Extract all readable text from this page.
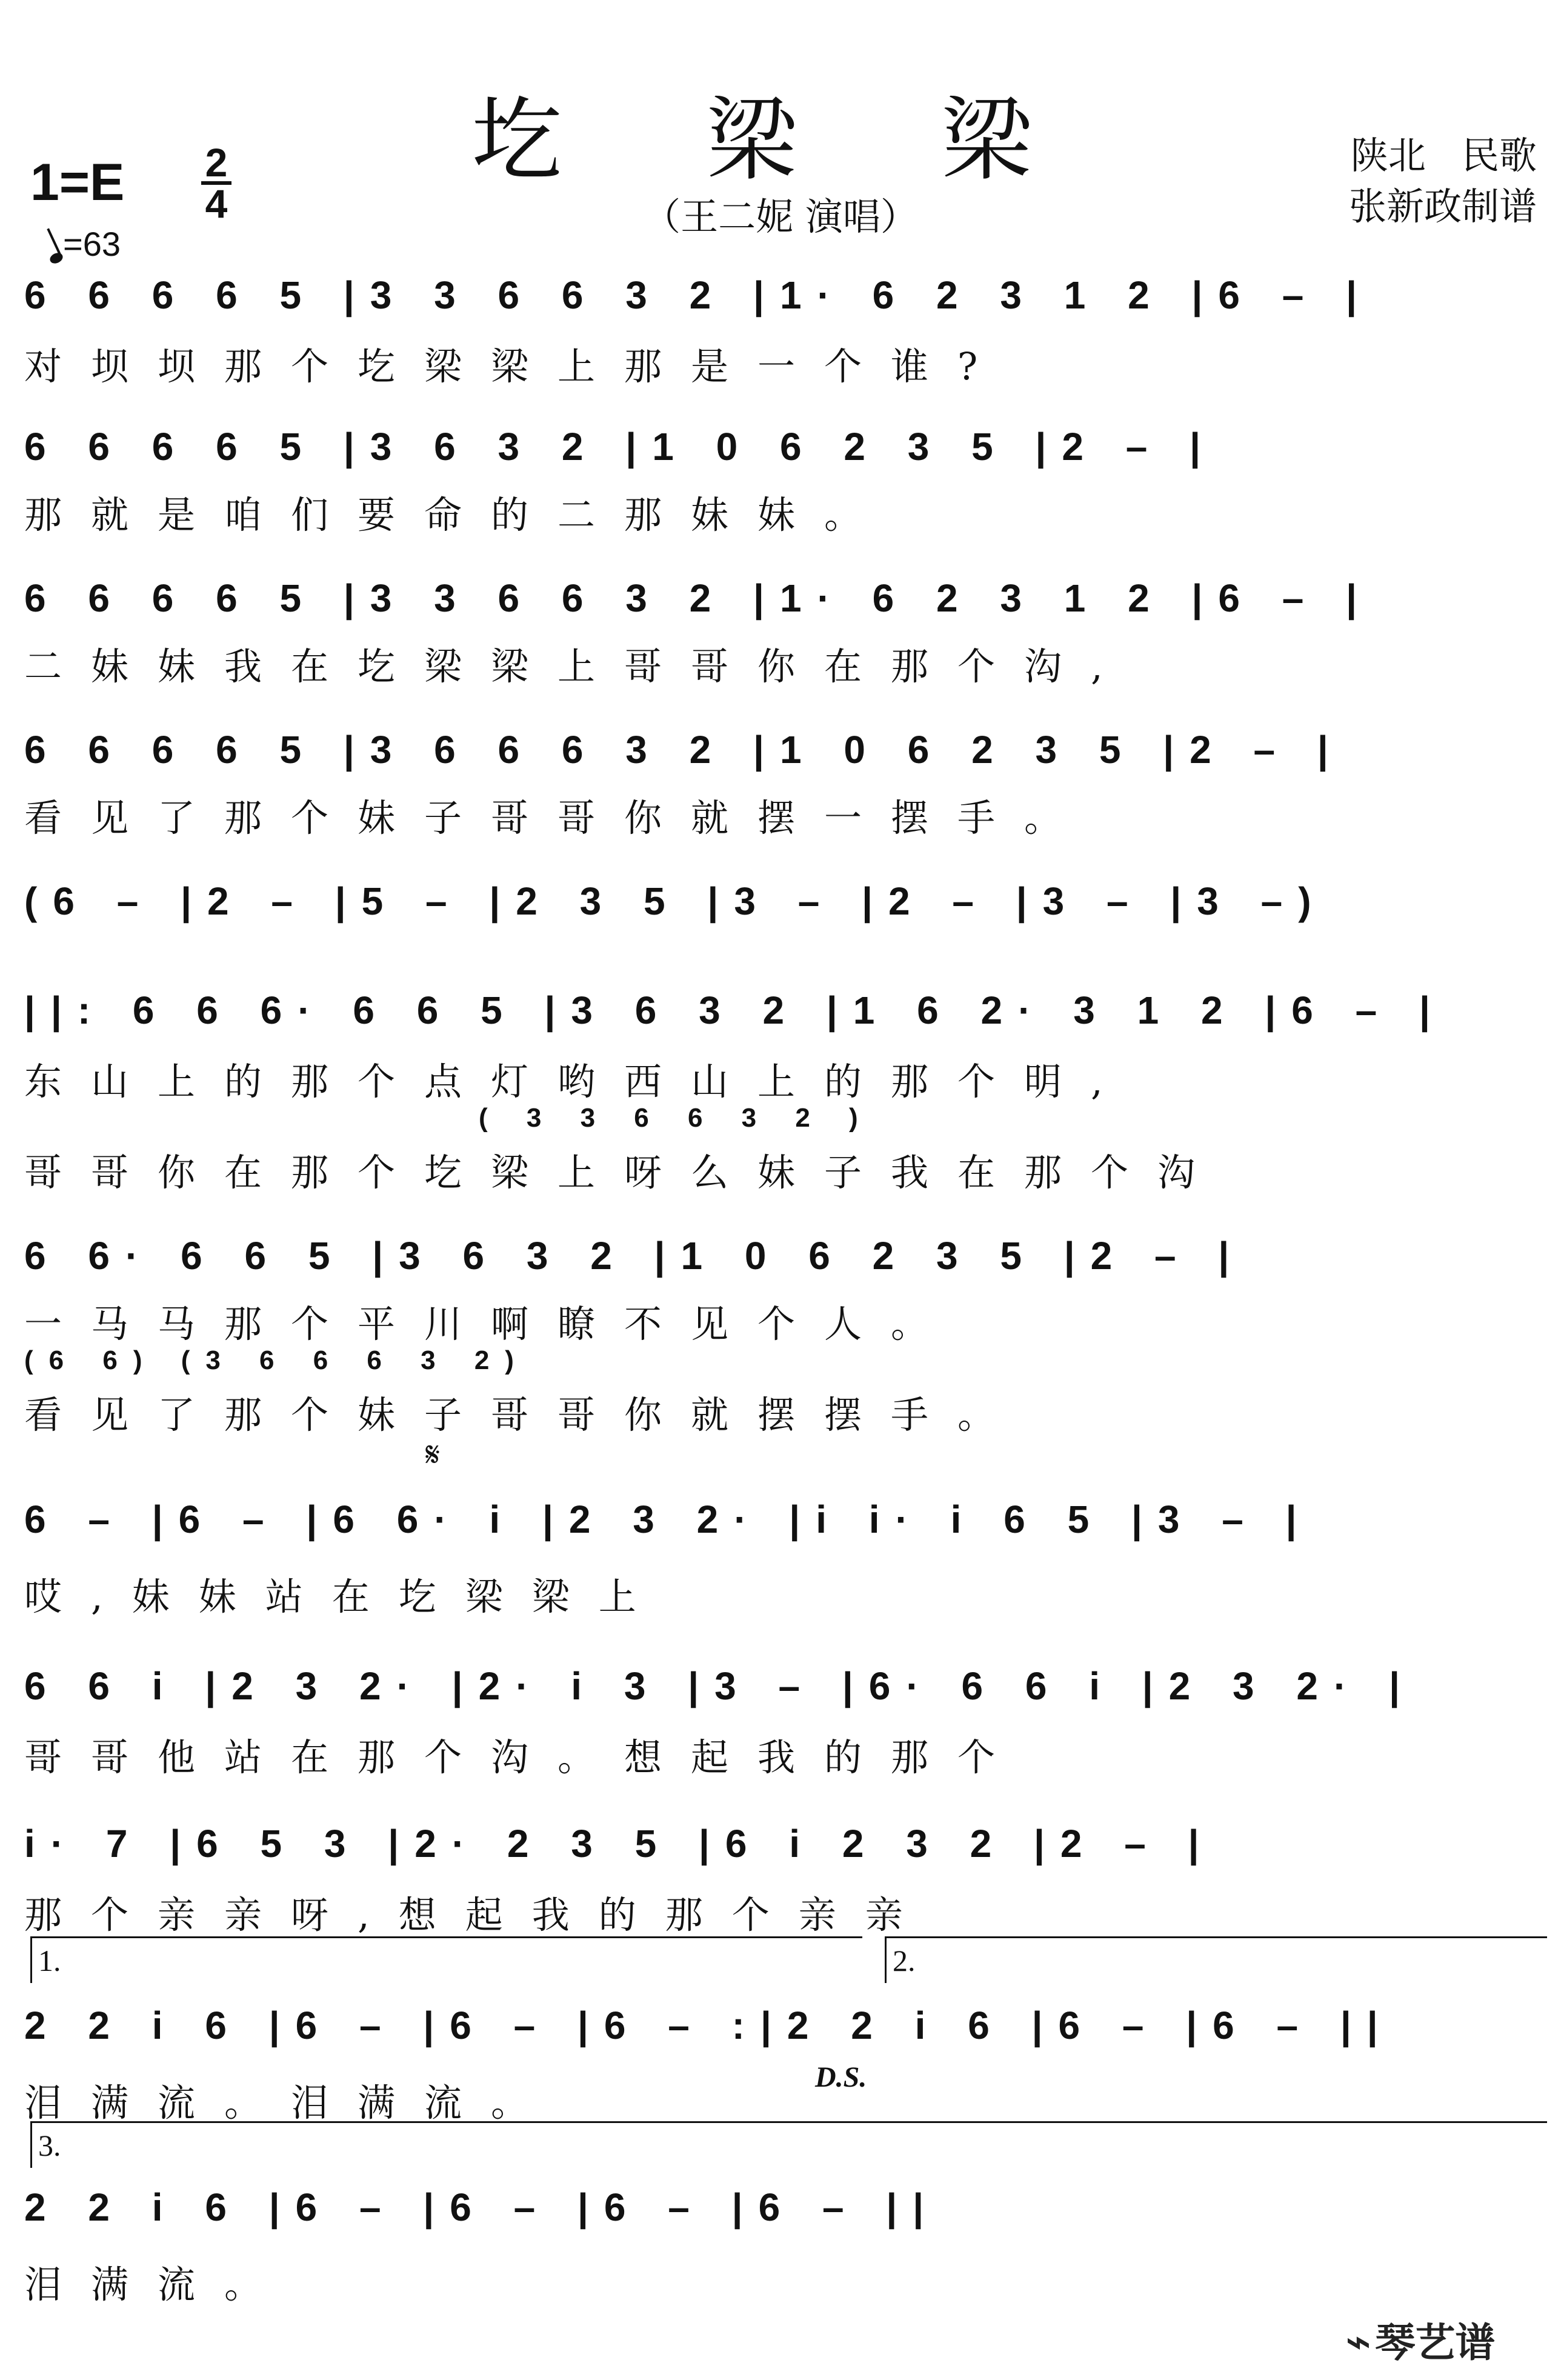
圪 梁 梁
（王二妮 演唱）
陕北   民歌
张新政制谱
1=E 2
4
=63
6 6 6 6 5 |3 3 6 6 3 2 |1· 6 2 3 1 2 |6 – |
对坝坝那个圪梁梁上那是一个谁?
6 6 6 6 5 |3 6 3 2 |1 0 6 2 3 5 |2 – |
那就是咱们要命的二那妹妹。
6 6 6 6 5 |3 3 6 6 3 2 |1· 6 2 3 1 2 |6 – |
二妹妹我在圪梁梁上哥哥你在那个沟,
6 6 6 6 5 |3 6 6 6 3 2 |1 0 6 2 3 5 |2 – |
看见了那个妹子哥哥你就摆一摆手。
(6 – |2 – |5 – |2 3 5 |3 – |2 – |3 – |3 –)
||: 6 6 6· 6 6 5 |3 6 3 2 |1 6 2· 3 1 2 |6 – |
东山上的那个点灯哟西山上的那个明,
( 3 3 6 6 3 2 )
哥哥你在那个圪梁上呀么妹子我在那个沟
6 6· 6 6 5 |3 6 3 2 |1 0 6 2 3 5 |2 – |
一马马那个平川啊瞭不见个人。
(6 6) (3 6 6 6 3 2)
看见了那个妹子哥哥你就摆摆手。
𝄋
6 – |6 – |6 6· i |2 3 2· |i i· i 6 5 |3 – |
哎,妹妹站在圪梁梁上
6 6 i |2 3 2· |2· i 3 |3 – |6· 6 6 i |2 3 2· |
哥哥他站在那个沟。想起我的那个
i· 7 |6 5 3 |2· 2 3 5 |6 i 2 3 2 |2 – |
那个亲亲呀,想起我的那个亲亲
1.	2.
2 2 i 6 |6 – |6 – |6 – :|2 2 i 6 |6 – |6 – ||
D.S.
泪满流。泪满流。
3.
2 2 i 6 |6 – |6 – |6 – |6 – ||
泪满流。
⌁琴艺谱
